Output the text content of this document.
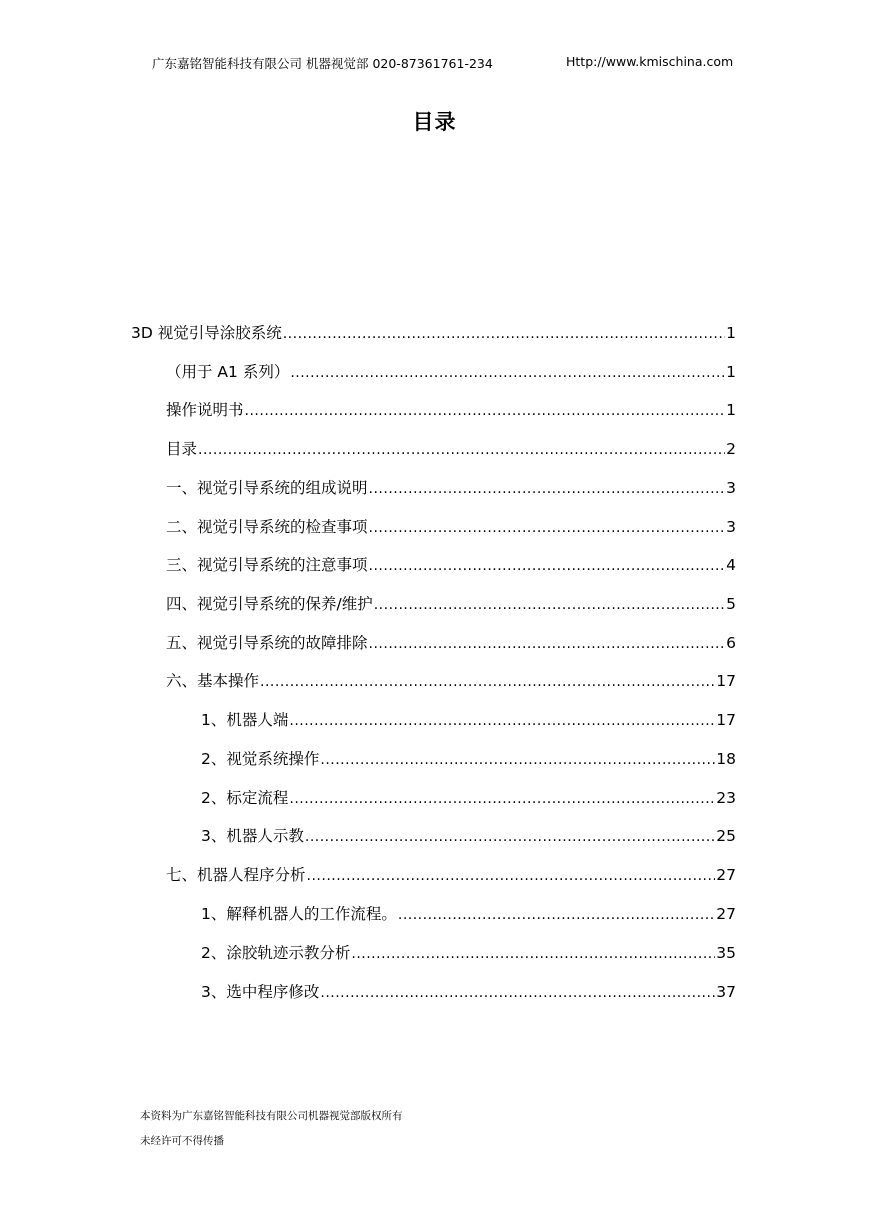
广东嘉铭智能科技有限公司 机器视觉部 020-87361761-234	Http://www.kmischina.com
目录
3D 视觉引导涂胶系统 .....	1
（用于 A1 系列） .....	1
操作说明书 .....	1
目录 .....	2
一、视觉引导系统的组成说明 .....	3
二、视觉引导系统的检查事项 .....	3
三、视觉引导系统的注意事项 .....	4
四、视觉引导系统的保养/维护 .....	5
五、视觉引导系统的故障排除 .....	6
六、基本操作 .....	17
1、机器人端 .....	17
2、视觉系统操作 .....	18
2、标定流程 .....	23
3、机器人示教 .....	25
七、机器人程序分析 .....	27
1、解释机器人的工作流程。 .....	27
2、涂胶轨迹示教分析 .....	35
3、选中程序修改 .....	37
本资料为广东嘉铭智能科技有限公司机器视觉部版权所有
未经许可不得传播
